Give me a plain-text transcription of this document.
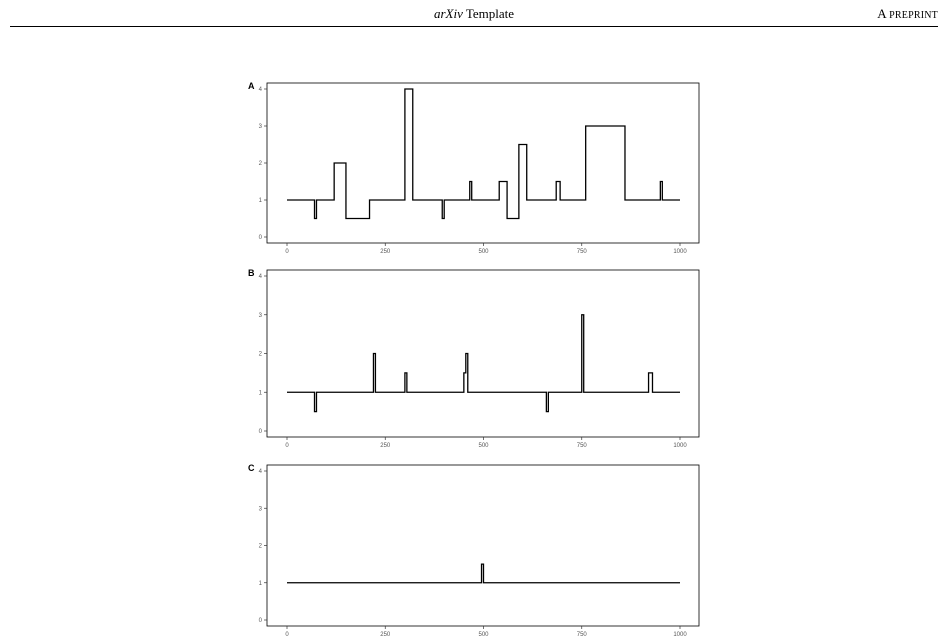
arXiv Template	A PREPRINT
A
0
1
2
3
4
0	250	500	750	1000
B
0
1
2
3
4
0	250	500	750	1000
C
0
1
2
3
4
0	250	500	750	1000
